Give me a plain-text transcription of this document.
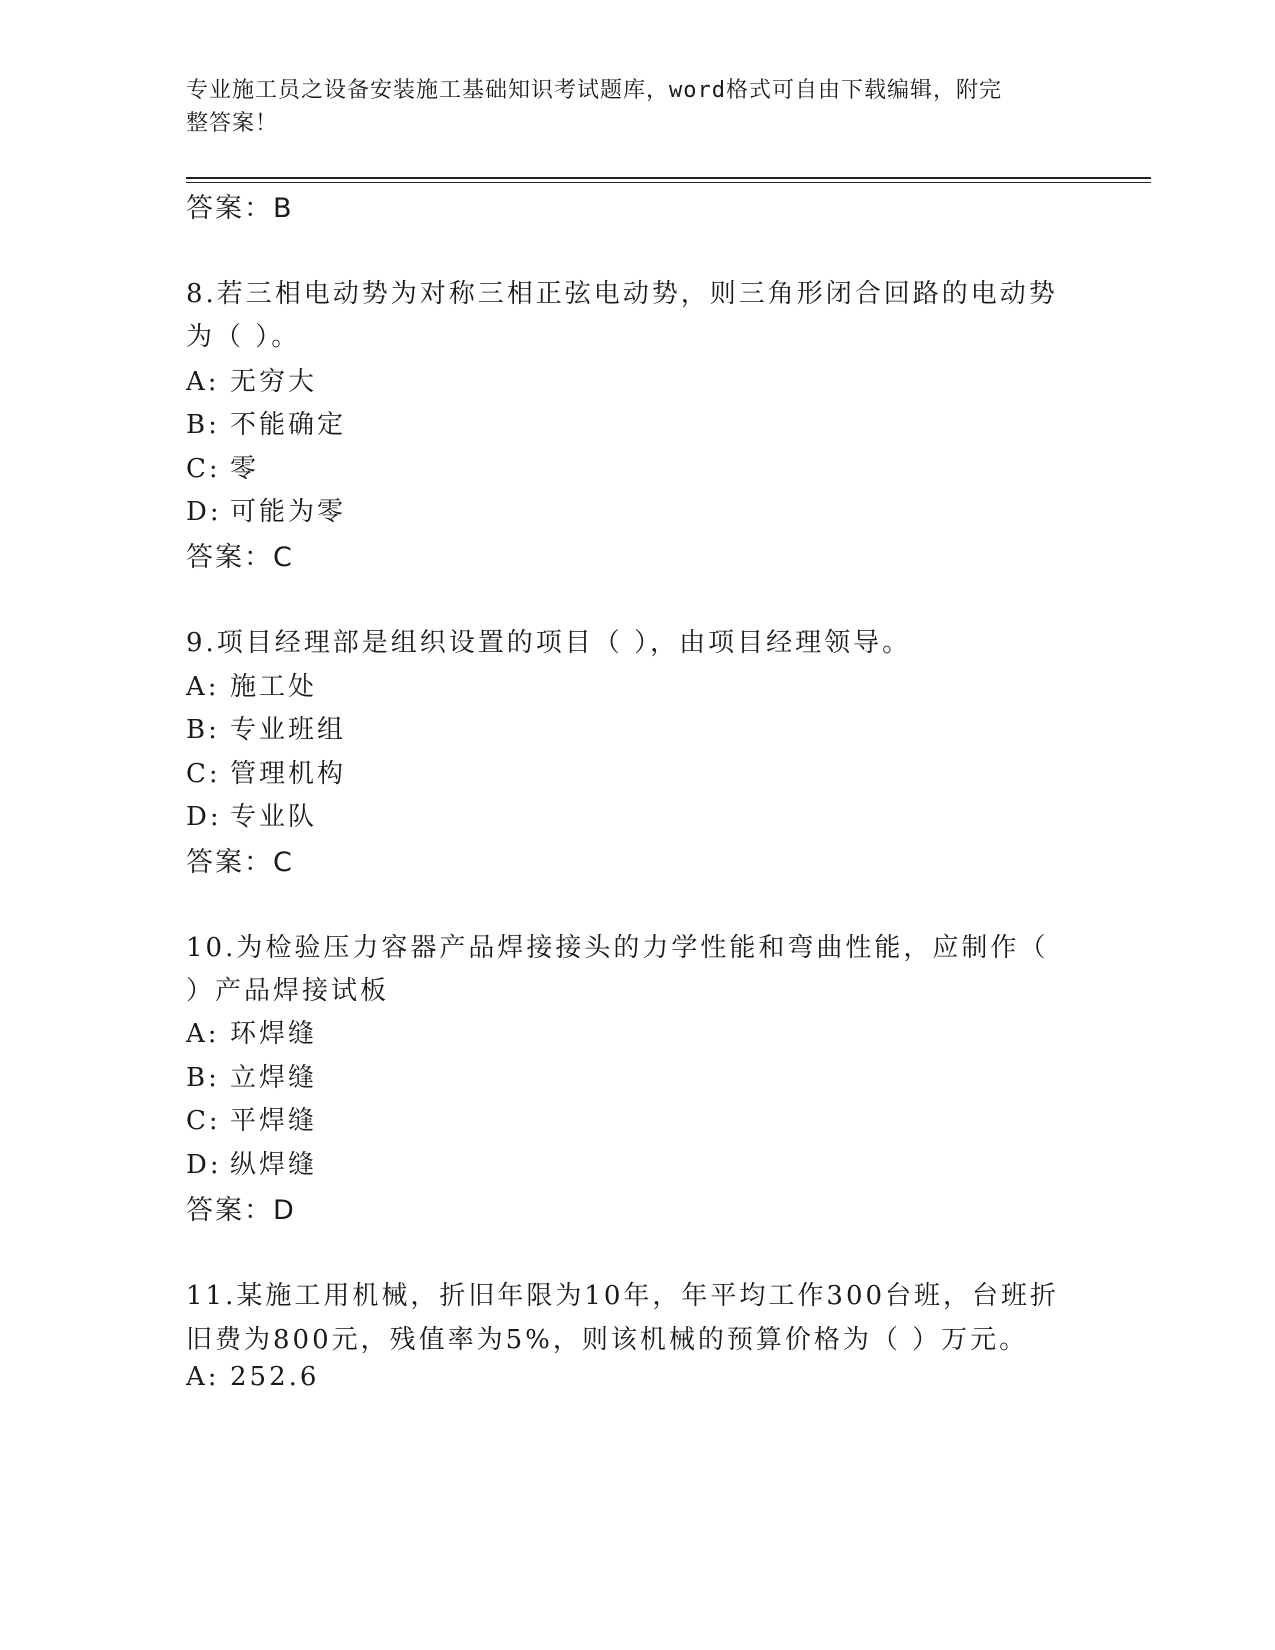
专业施工员之设备安装施工基础知识考试题库，word格式可自由下载编辑，附完
整答案！
答案：B
8.若三相电动势为对称三相正弦电动势，则三角形闭合回路的电动势
为（ ）。
A: 无穷大
B: 不能确定
C: 零
D: 可能为零
答案：C
9.项目经理部是组织设置的项目（ ），由项目经理领导。
A: 施工处
B: 专业班组
C: 管理机构
D: 专业队
答案：C
10.为检验压力容器产品焊接接头的力学性能和弯曲性能，应制作（
）产品焊接试板
A: 环焊缝
B: 立焊缝
C: 平焊缝
D: 纵焊缝
答案：D
11.某施工用机械，折旧年限为10年，年平均工作300台班，台班折
旧费为800元，残值率为5%，则该机械的预算价格为（ ）万元。
A: 252.6
